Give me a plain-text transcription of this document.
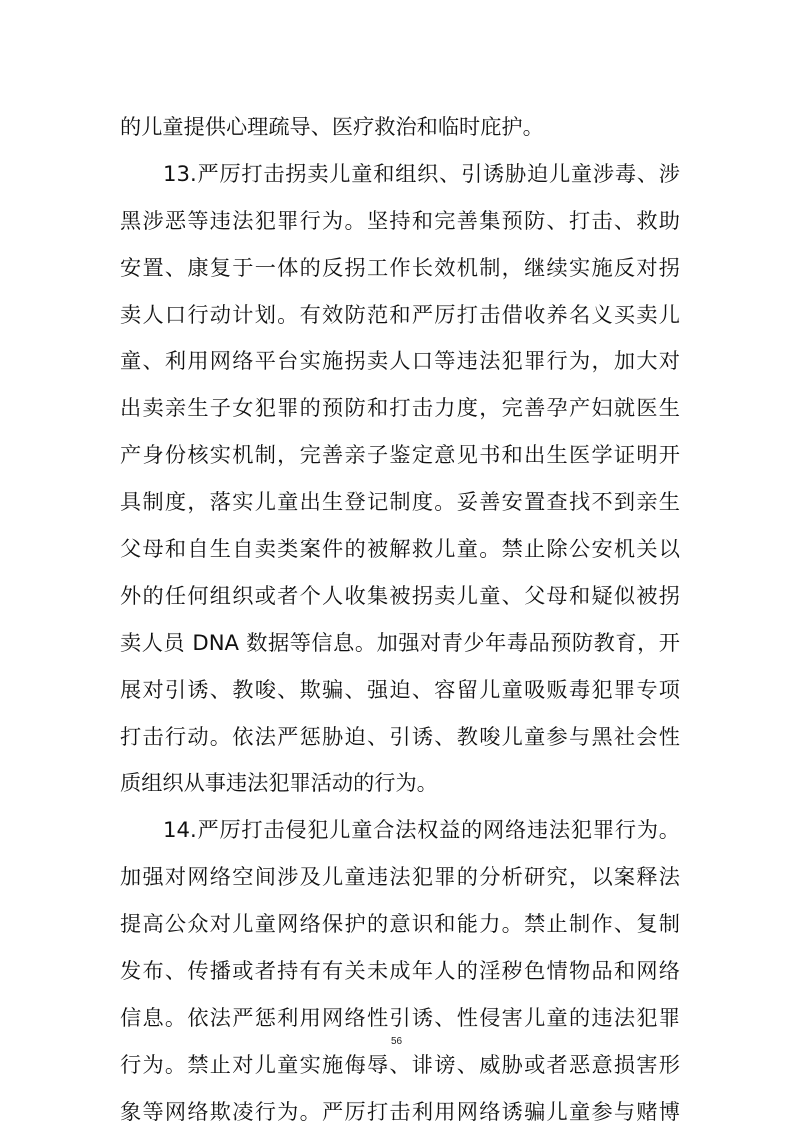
的儿童提供心理疏导、医疗救治和临时庇护。
13.严厉打击拐卖儿童和组织、引诱胁迫儿童涉毒、涉
黑涉恶等违法犯罪行为。坚持和完善集预防、打击、救助
安置、康复于一体的反拐工作长效机制，继续实施反对拐
卖人口行动计划。有效防范和严厉打击借收养名义买卖儿
童、利用网络平台实施拐卖人口等违法犯罪行为，加大对
出卖亲生子女犯罪的预防和打击力度，完善孕产妇就医生
产身份核实机制，完善亲子鉴定意见书和出生医学证明开
具制度，落实儿童出生登记制度。妥善安置查找不到亲生
父母和自生自卖类案件的被解救儿童。禁止除公安机关以
外的任何组织或者个人收集被拐卖儿童、父母和疑似被拐
卖人员 DNA 数据等信息。加强对青少年毒品预防教育，开
展对引诱、教唆、欺骗、强迫、容留儿童吸贩毒犯罪专项
打击行动。依法严惩胁迫、引诱、教唆儿童参与黑社会性
质组织从事违法犯罪活动的行为。
14.严厉打击侵犯儿童合法权益的网络违法犯罪行为。
加强对网络空间涉及儿童违法犯罪的分析研究，以案释法
提高公众对儿童网络保护的意识和能力。禁止制作、复制
发布、传播或者持有有关未成年人的淫秽色情物品和网络
信息。依法严惩利用网络性引诱、性侵害儿童的违法犯罪
行为。禁止对儿童实施侮辱、诽谤、威胁或者恶意损害形
象等网络欺凌行为。严厉打击利用网络诱骗儿童参与赌博
56
